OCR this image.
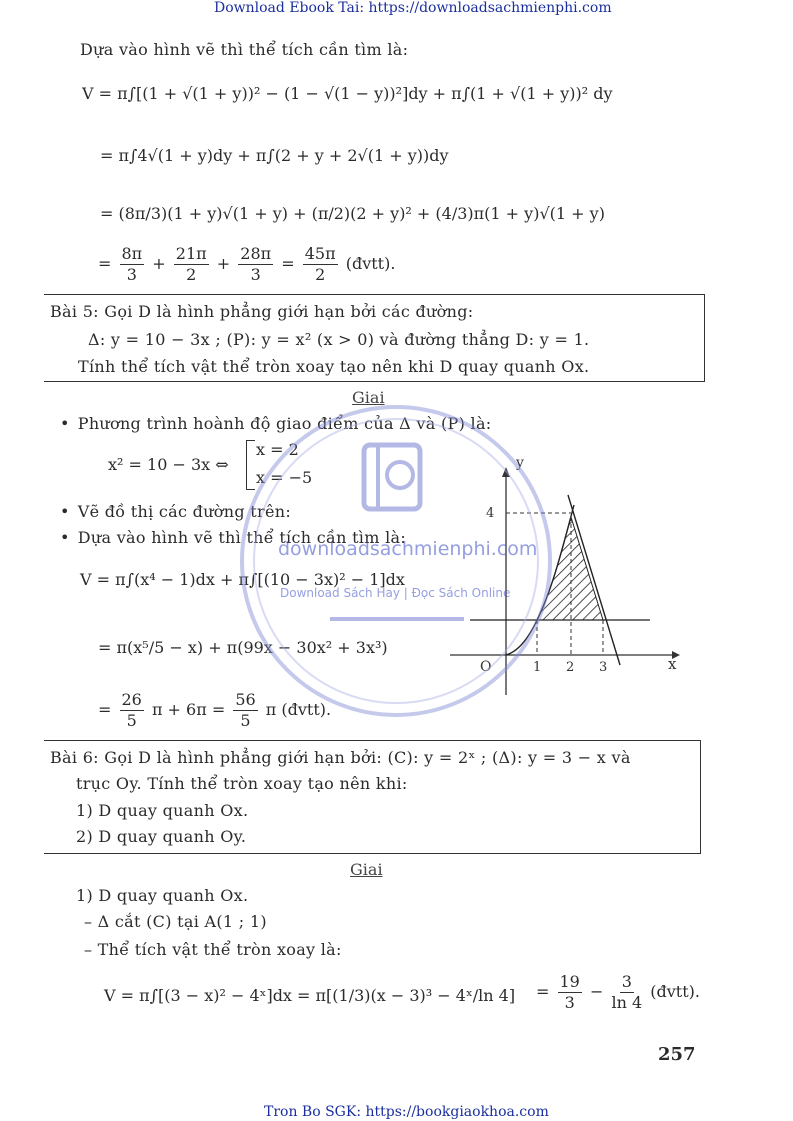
Download Ebook Tai: https://downloadsachmienphi.com
Dựa vào hình vẽ thì thể tích cần tìm là:
V = π∫[(1 + √(1 + y))² − (1 − √(1 − y))²]dy + π∫(1 + √(1 + y))² dy
= π∫4√(1 + y)dy + π∫(2 + y + 2√(1 + y))dy
= (8π/3)(1 + y)√(1 + y) + (π/2)(2 + y)² + (4/3)π(1 + y)√(1 + y)
= $\frac{8\pi}{3} + \frac{21\pi}{2} + \frac{28\pi}{3} = \frac{45\pi}{2}$ (đvtt).
Bài 5: Gọi D là hình phẳng giới hạn bởi các đường:
Δ: y = 10 − 3x ; (P): y = x² (x > 0) và đường thẳng D: y = 1.
Tính thể tích vật thể tròn xoay tạo nên khi D quay quanh Ox.
Giai
• Phương trình hoành độ giao điểm của Δ và (P) là:
x² = 10 − 3x ⇔
x = 2
x = −5
• Vẽ đồ thị các đường trên:
• Dựa vào hình vẽ thì thể tích cần tìm là:
V = π∫(x⁴ − 1)dx + π∫[(10 − 3x)² − 1]dx
= π(x⁵/5 − x) + π(99x − 30x² + 3x³)
= $\frac{26}{5}$ $\pi + 6\pi = \frac{56}{5}$ π (đvtt).
y
x
O
4
1 2 3
downloadsachmienphi.com
Download Sách Hay | Đọc Sách Online
Bài 6: Gọi D là hình phẳng giới hạn bởi: (C): y = 2ˣ ; (Δ): y = 3 − x và
trục Oy. Tính thể tròn xoay tạo nên khi:
1) D quay quanh Ox.
2) D quay quanh Oy.
Giai
1) D quay quanh Ox.
– Δ cắt (C) tại A(1 ; 1)
– Thể tích vật thể tròn xoay là:
V = π∫[(3 − x)² − 4ˣ]dx = π[(1/3)(x − 3)³ − 4ˣ/ln $4] = \frac{19}{3} - \frac{3}{\ln 4}$ (đvtt).
257
Tron Bo SGK: https://bookgiaokhoa.com
